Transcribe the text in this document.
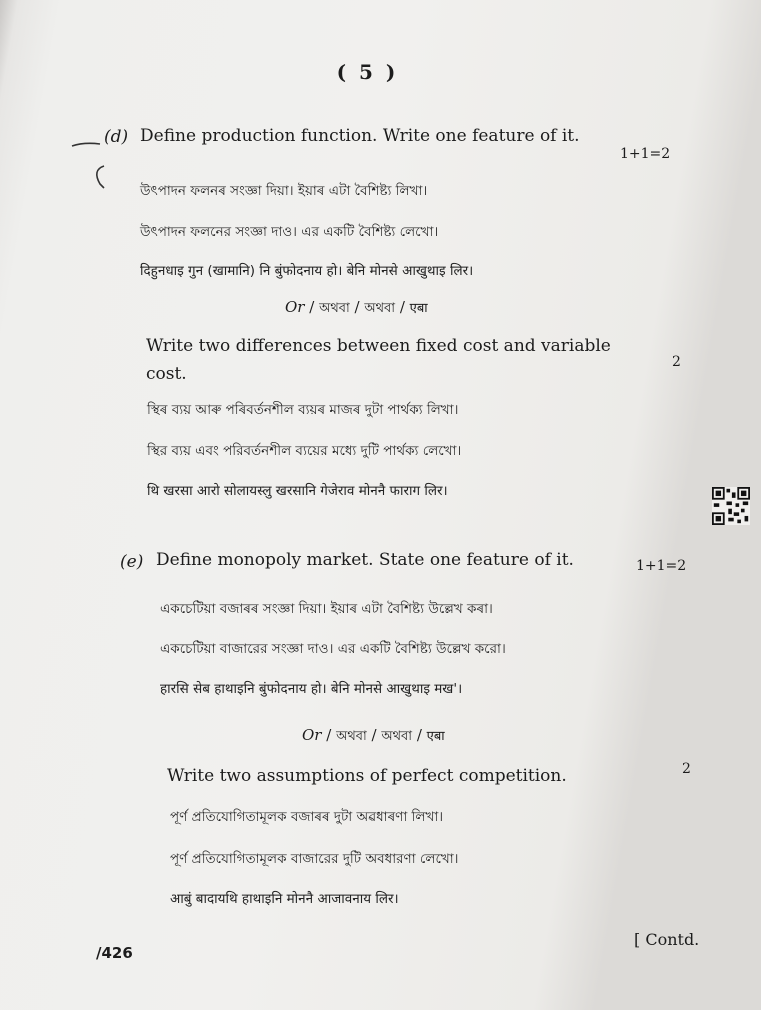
( 5 )
(d) Define production function. Write one feature of it.
1+1=2
উৎপাদন ফলনৰ সংজ্ঞা দিয়া। ইয়াৰ এটা বৈশিষ্ট্য লিখা।
উৎপাদন ফলনের সংজ্ঞা দাও। এর একটি বৈশিষ্ট্য লেখো।
दिहुनधाइ गुन (खामानि) नि बुंफोदनाय हो। बेनि मोनसे आखुथाइ लिर।
Or / অথবা / অথবা / एबा
Write two differences between fixed cost and variable
cost.
2
স্থিৰ ব্যয় আৰু পৰিবৰ্তনশীল ব্যয়ৰ মাজৰ দুটা পাৰ্থক্য লিখা।
স্থির ব্যয় এবং পরিবর্তনশীল ব্যয়ের মধ্যে দুটি পার্থক্য লেখো।
थि खरसा आरो सोलायस्लु खरसानि गेजेराव मोननै फाराग लिर।
(e) Define monopoly market. State one feature of it.	1+1=2
একচেটিয়া বজাৰৰ সংজ্ঞা দিয়া। ইয়াৰ এটা বৈশিষ্ট্য উল্লেখ কৰা।
একচেটিয়া বাজারের সংজ্ঞা দাও। এর একটি বৈশিষ্ট্য উল্লেখ করো।
हारसि सेब हाथाइनि बुंफोदनाय हो। बेनि मोनसे आखुथाइ मख'।
Or / অথবা / অথবা / एबा
Write two assumptions of perfect competition.	2
পূৰ্ণ প্ৰতিযোগিতামূলক বজাৰৰ দুটা অৱধাৰণা লিখা।
পূর্ণ প্রতিযোগিতামূলক বাজারের দুটি অবধারণা লেখো।
आबुं बादायथि हाथाइनि मोननै आजावनाय लिर।
/426
[ Contd.
